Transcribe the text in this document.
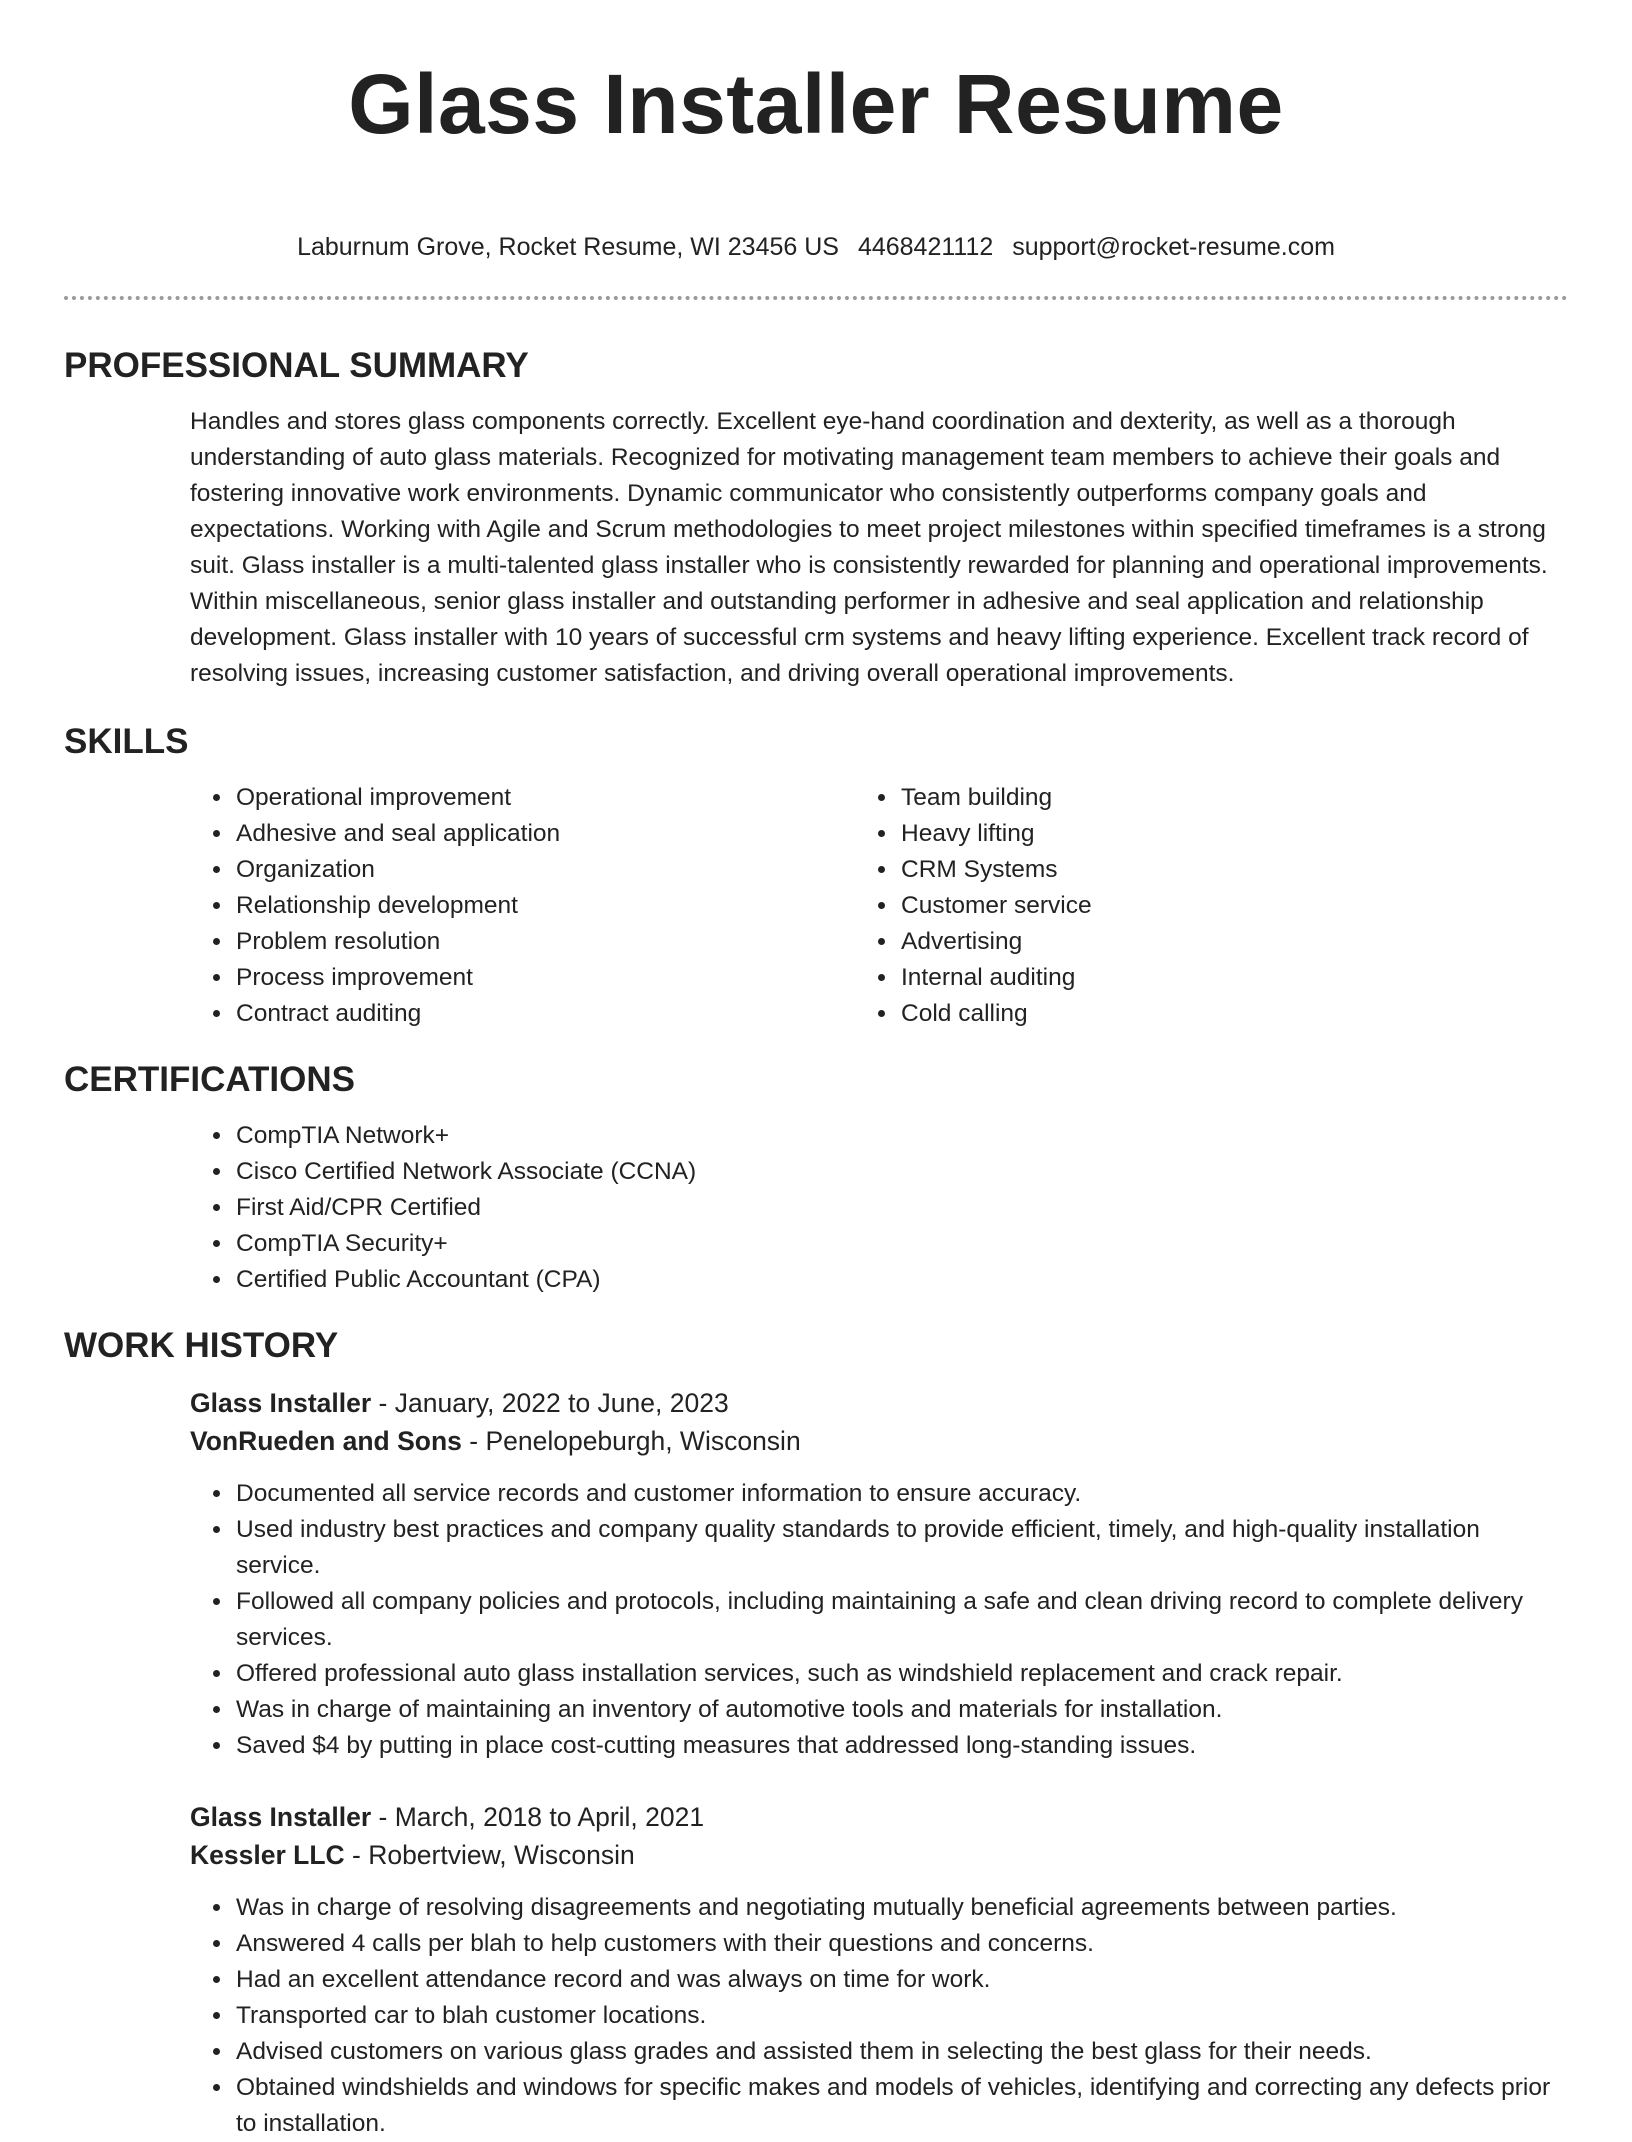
Glass Installer Resume
Laburnum Grove, Rocket Resume, WI 23456 US 4468421112 support@rocket-resume.com
PROFESSIONAL SUMMARY

Handles and stores glass components correctly. Excellent eye-hand coordination and dexterity, as well as a thorough understanding of auto glass materials. Recognized for motivating management team members to achieve their goals and fostering innovative work environments. Dynamic communicator who consistently outperforms company goals and expectations. Working with Agile and Scrum methodologies to meet project milestones within specified timeframes is a strong suit. Glass installer is a multi-talented glass installer who is consistently rewarded for planning and operational improvements. Within miscellaneous, senior glass installer and outstanding performer in adhesive and seal application and relationship development. Glass installer with 10 years of successful crm systems and heavy lifting experience. Excellent track record of resolving issues, increasing customer satisfaction, and driving overall operational improvements.

SKILLS
• Operational improvement
• Adhesive and seal application
• Organization
• Relationship development
• Problem resolution
• Process improvement
• Contract auditing
• Team building
• Heavy lifting
• CRM Systems
• Customer service
• Advertising
• Internal auditing
• Cold calling
CERTIFICATIONS
• CompTIA Network+
• Cisco Certified Network Associate (CCNA)
• First Aid/CPR Certified
• CompTIA Security+
• Certified Public Accountant (CPA)
WORK HISTORY
Glass Installer - January, 2022 to June, 2023
VonRueden and Sons - Penelopeburgh, Wisconsin
• Documented all service records and customer information to ensure accuracy.
• Used industry best practices and company quality standards to provide efficient, timely, and high-quality installation service.
• Followed all company policies and protocols, including maintaining a safe and clean driving record to complete delivery services.
• Offered professional auto glass installation services, such as windshield replacement and crack repair.
• Was in charge of maintaining an inventory of automotive tools and materials for installation.
• Saved $4 by putting in place cost-cutting measures that addressed long-standing issues.
Glass Installer - March, 2018 to April, 2021
Kessler LLC - Robertview, Wisconsin
• Was in charge of resolving disagreements and negotiating mutually beneficial agreements between parties.
• Answered 4 calls per blah to help customers with their questions and concerns.
• Had an excellent attendance record and was always on time for work.
• Transported car to blah customer locations.
• Advised customers on various glass grades and assisted them in selecting the best glass for their needs.
• Obtained windshields and windows for specific makes and models of vehicles, identifying and correcting any defects prior to installation.
